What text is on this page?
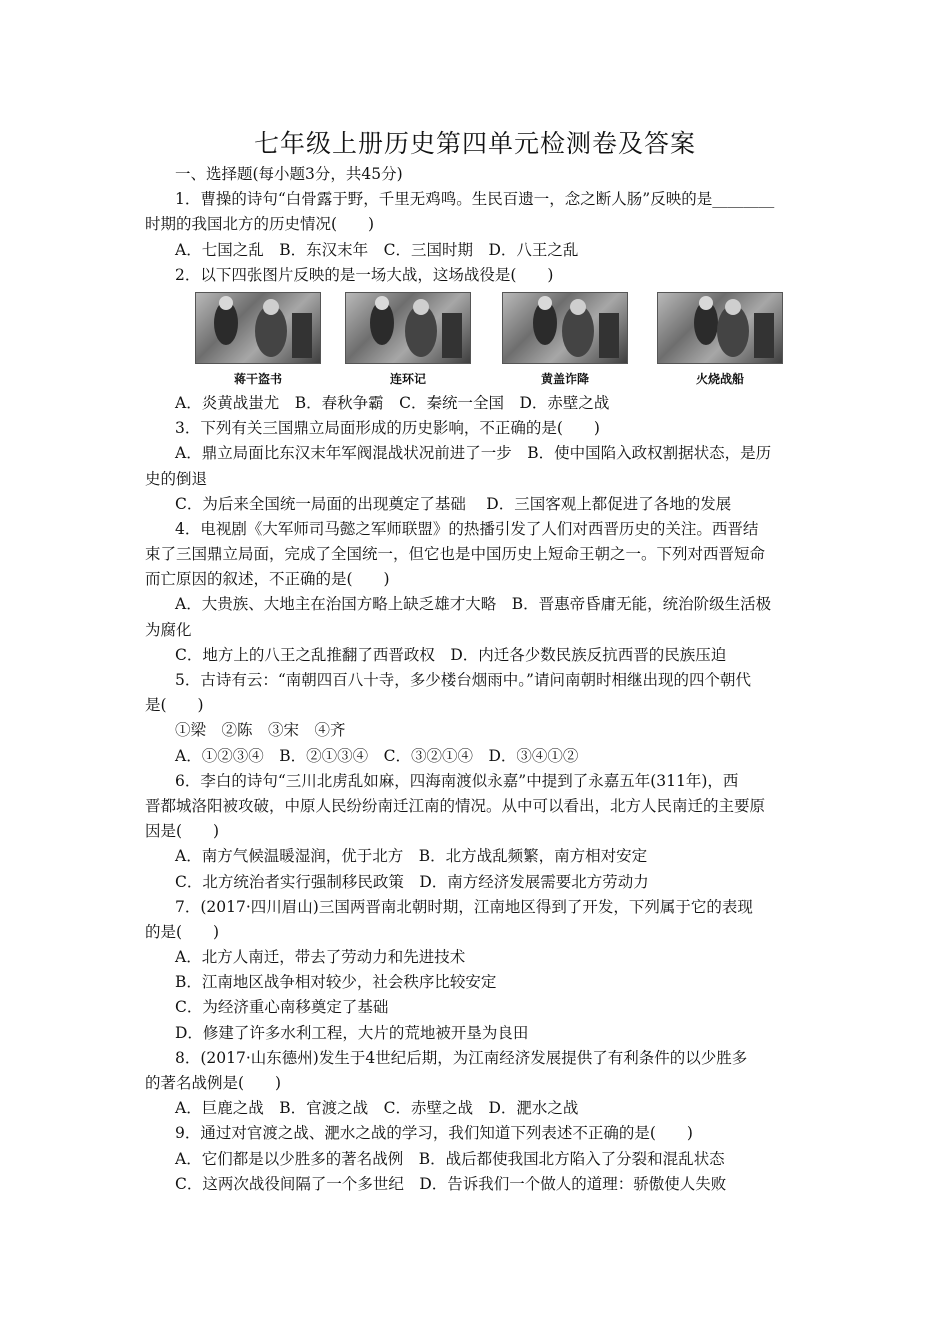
七年级上册历史第四单元检测卷及答案
一、选择题(每小题3分，共45分)
1．曹操的诗句“白骨露于野，千里无鸡鸣。生民百遗一，念之断人肠”反映的是________
时期的我国北方的历史情况(　　)
A．七国之乱　B．东汉末年　C．三国时期　D．八王之乱
2．以下四张图片反映的是一场大战，这场战役是(　　)
蒋干盗书	连环记	黄盖诈降	火烧战船
A．炎黄战蚩尤　B．春秋争霸　C．秦统一全国　D．赤壁之战
3．下列有关三国鼎立局面形成的历史影响，不正确的是(　　)
A．鼎立局面比东汉末年军阀混战状况前进了一步　B．使中国陷入政权割据状态，是历
史的倒退
C．为后来全国统一局面的出现奠定了基础　 D．三国客观上都促进了各地的发展
4．电视剧《大军师司马懿之军师联盟》的热播引发了人们对西晋历史的关注。西晋结
束了三国鼎立局面，完成了全国统一，但它也是中国历史上短命王朝之一。下列对西晋短命
而亡原因的叙述，不正确的是(　　)
A．大贵族、大地主在治国方略上缺乏雄才大略　B．晋惠帝昏庸无能，统治阶级生活极
为腐化
C．地方上的八王之乱推翻了西晋政权　D．内迁各少数民族反抗西晋的民族压迫
5．古诗有云：“南朝四百八十寺，多少楼台烟雨中。”请问南朝时相继出现的四个朝代
是(　　)
①梁　②陈　③宋　④齐
A．①②③④　B．②①③④　C．③②①④　D．③④①②
6．李白的诗句“三川北虏乱如麻，四海南渡似永嘉”中提到了永嘉五年(311年)，西
晋都城洛阳被攻破，中原人民纷纷南迁江南的情况。从中可以看出，北方人民南迁的主要原
因是(　　)
A．南方气候温暖湿润，优于北方　B．北方战乱频繁，南方相对安定
C．北方统治者实行强制移民政策　D．南方经济发展需要北方劳动力
7．(2017·四川眉山)三国两晋南北朝时期，江南地区得到了开发，下列属于它的表现
的是(　　)
A．北方人南迁，带去了劳动力和先进技术
B．江南地区战争相对较少，社会秩序比较安定
C．为经济重心南移奠定了基础
D．修建了许多水利工程，大片的荒地被开垦为良田
8．(2017·山东德州)发生于4世纪后期，为江南经济发展提供了有利条件的以少胜多
的著名战例是(　　)
A．巨鹿之战　B．官渡之战　C．赤壁之战　D．淝水之战
9．通过对官渡之战、淝水之战的学习，我们知道下列表述不正确的是(　　)
A．它们都是以少胜多的著名战例　B．战后都使我国北方陷入了分裂和混乱状态
C．这两次战役间隔了一个多世纪　D．告诉我们一个做人的道理：骄傲使人失败
